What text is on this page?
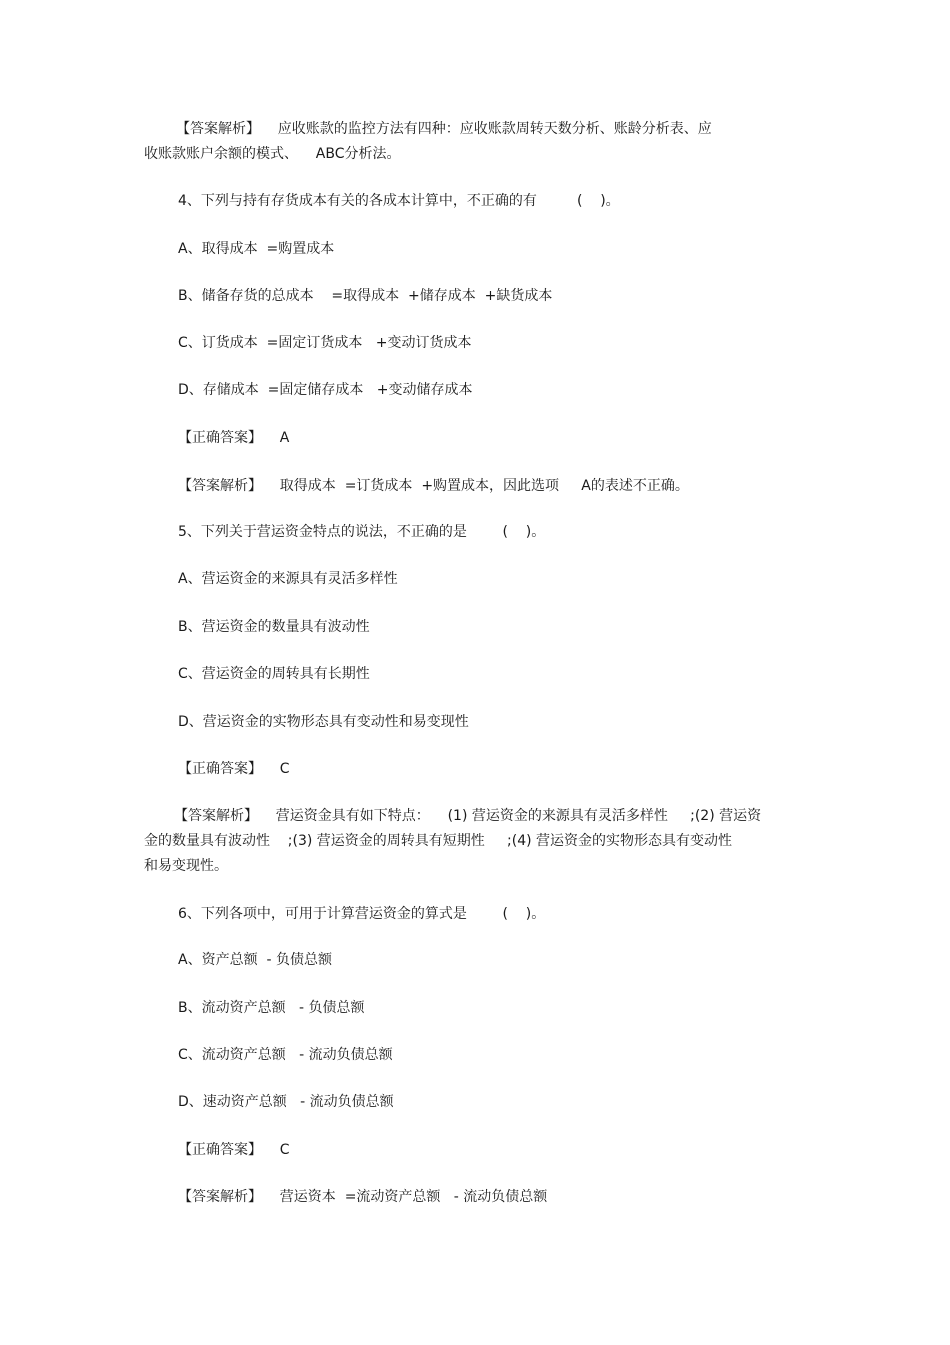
【答案解析】    应收账款的监控方法有四种：应收账款周转天数分析、账龄分析表、应
收账款账户余额的模式、    ABC分析法。
4、下列与持有存货成本有关的各成本计算中，不正确的有         (    )。
A、取得成本  =购置成本
B、储备存货的总成本    =取得成本  +储存成本  +缺货成本
C、订货成本  =固定订货成本   +变动订货成本
D、存储成本  =固定储存成本   +变动储存成本
【正确答案】    A
【答案解析】    取得成本  =订货成本  +购置成本，因此选项     A的表述不正确。
5、下列关于营运资金特点的说法，不正确的是        (    )。
A、营运资金的来源具有灵活多样性
B、营运资金的数量具有波动性
C、营运资金的周转具有长期性
D、营运资金的实物形态具有变动性和易变现性
【正确答案】    C
【答案解析】    营运资金具有如下特点：    (1) 营运资金的来源具有灵活多样性     ;(2) 营运资
金的数量具有波动性    ;(3) 营运资金的周转具有短期性     ;(4) 营运资金的实物形态具有变动性
和易变现性。
6、下列各项中，可用于计算营运资金的算式是        (    )。
A、资产总额  - 负债总额
B、流动资产总额   - 负债总额
C、流动资产总额   - 流动负债总额
D、速动资产总额   - 流动负债总额
【正确答案】    C
【答案解析】    营运资本  =流动资产总额   - 流动负债总额
